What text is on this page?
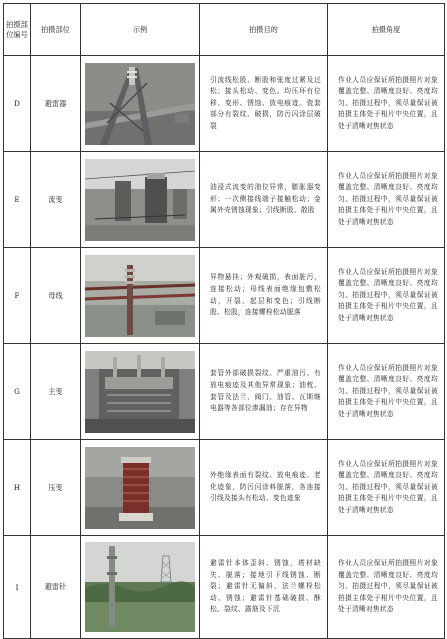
拍摄部位编号	拍摄部位	示例	拍摄目的	拍摄角度
D	避雷器		引流线松股、断股和张度过紧及过松；接头松动、变色。均压环有位移、变形、锈蚀、放电痕迹。瓷套部分有裂纹、破损，防污闪涂层破裂	作业人员应保证所拍摄照片对象覆盖完整、清晰度良好、亮度均匀。拍摄过程中，须尽量保证被拍摄主体处于相片中央位置，且处于清晰对焦状态
E	流变		油浸式流变的油位异常，膨胀器变形；一次侧接线端子接触松动；金属外壳锈蚀现象；引线断股、散股	作业人员应保证所拍摄照片对象覆盖完整、清晰度良好、亮度均匀。拍摄过程中，须尽量保证被拍摄主体处于相片中央位置，且处于清晰对焦状态
F	母线		异物悬挂；外观破损，表面脏污，连接松动；母线表面绝缘包敷松动，开裂、起层和变色；引线断股、松股，连接螺栓松动脱落	作业人员应保证所拍摄照片对象覆盖完整、清晰度良好、亮度均匀。拍摄过程中，须尽量保证被拍摄主体处于相片中央位置，且处于清晰对焦状态
G	主变		套管外部破损裂纹、严重油污、有放电痕迹及其他异常现象；油枕、套管及法兰、阀门、油管、瓦斯继电器等各部位渗漏油；存在异物	作业人员应保证所拍摄照片对象覆盖完整、清晰度良好、亮度均匀。拍摄过程中，须尽量保证被拍摄主体处于相片中央位置，且处于清晰对焦状态
H	压变		外绝缘表面有裂纹、放电痕迹、老化迹象，防污闪涂料脱落，各连接引线及接头有松动、变色迹象	作业人员应保证所拍摄照片对象覆盖完整、清晰度良好、亮度均匀。拍摄过程中，须尽量保证被拍摄主体处于相片中央位置，且处于清晰对焦状态
I	避雷针		避雷针本体歪斜、锈蚀，塔材缺失、脱落；接地引下线锈蚀、断裂；避雷针无偏斜，法兰螺栓松动、锈蚀；避雷针基础破损、酥松、裂纹、露筋及下沉	作业人员应保证所拍摄照片对象覆盖完整、清晰度良好、亮度均匀。拍摄过程中，须尽量保证被拍摄主体处于相片中央位置，且处于清晰对焦状态
